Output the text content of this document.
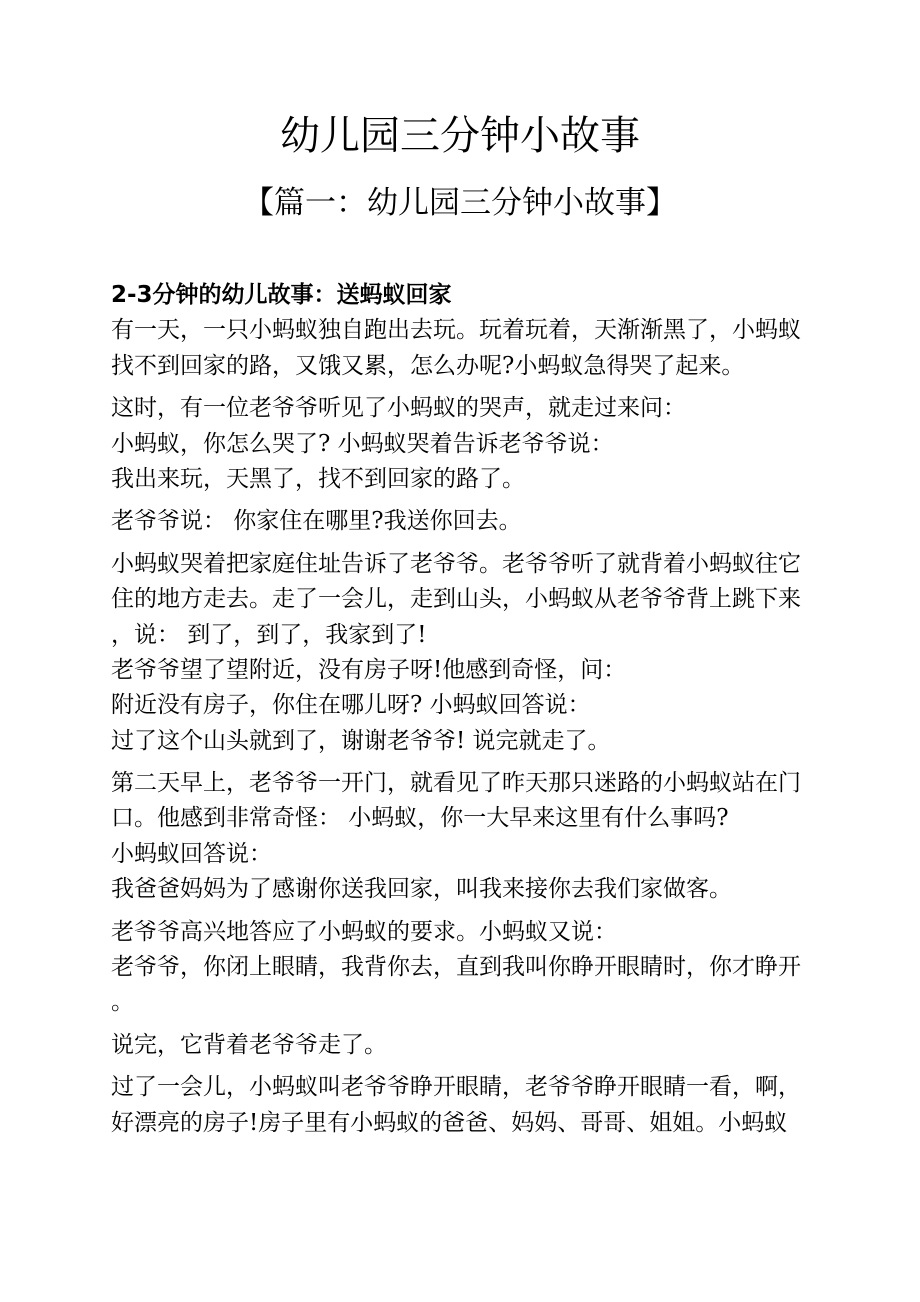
幼儿园三分钟小故事
【篇一：幼儿园三分钟小故事】
2-3分钟的幼儿故事：送蚂蚁回家
有一天，一只小蚂蚁独自跑出去玩。玩着玩着，天渐渐黑了，小蚂蚁
找不到回家的路，又饿又累，怎么办呢?小蚂蚁急得哭了起来。
这时，有一位老爷爷听见了小蚂蚁的哭声，就走过来问：
小蚂蚁，你怎么哭了? 小蚂蚁哭着告诉老爷爷说：
我出来玩，天黑了，找不到回家的路了。
老爷爷说： 你家住在哪里?我送你回去。
小蚂蚁哭着把家庭住址告诉了老爷爷。老爷爷听了就背着小蚂蚁往它
住的地方走去。走了一会儿，走到山头，小蚂蚁从老爷爷背上跳下来
，说： 到了，到了，我家到了!
老爷爷望了望附近，没有房子呀!他感到奇怪，问：
附近没有房子，你住在哪儿呀? 小蚂蚁回答说：
过了这个山头就到了，谢谢老爷爷! 说完就走了。
第二天早上，老爷爷一开门，就看见了昨天那只迷路的小蚂蚁站在门
口。他感到非常奇怪： 小蚂蚁，你一大早来这里有什么事吗?
小蚂蚁回答说：
我爸爸妈妈为了感谢你送我回家，叫我来接你去我们家做客。
老爷爷高兴地答应了小蚂蚁的要求。小蚂蚁又说：
老爷爷，你闭上眼睛，我背你去，直到我叫你睁开眼睛时，你才睁开
。
说完，它背着老爷爷走了。
过了一会儿，小蚂蚁叫老爷爷睁开眼睛，老爷爷睁开眼睛一看，啊，
好漂亮的房子!房子里有小蚂蚁的爸爸、妈妈、哥哥、姐姐。小蚂蚁
